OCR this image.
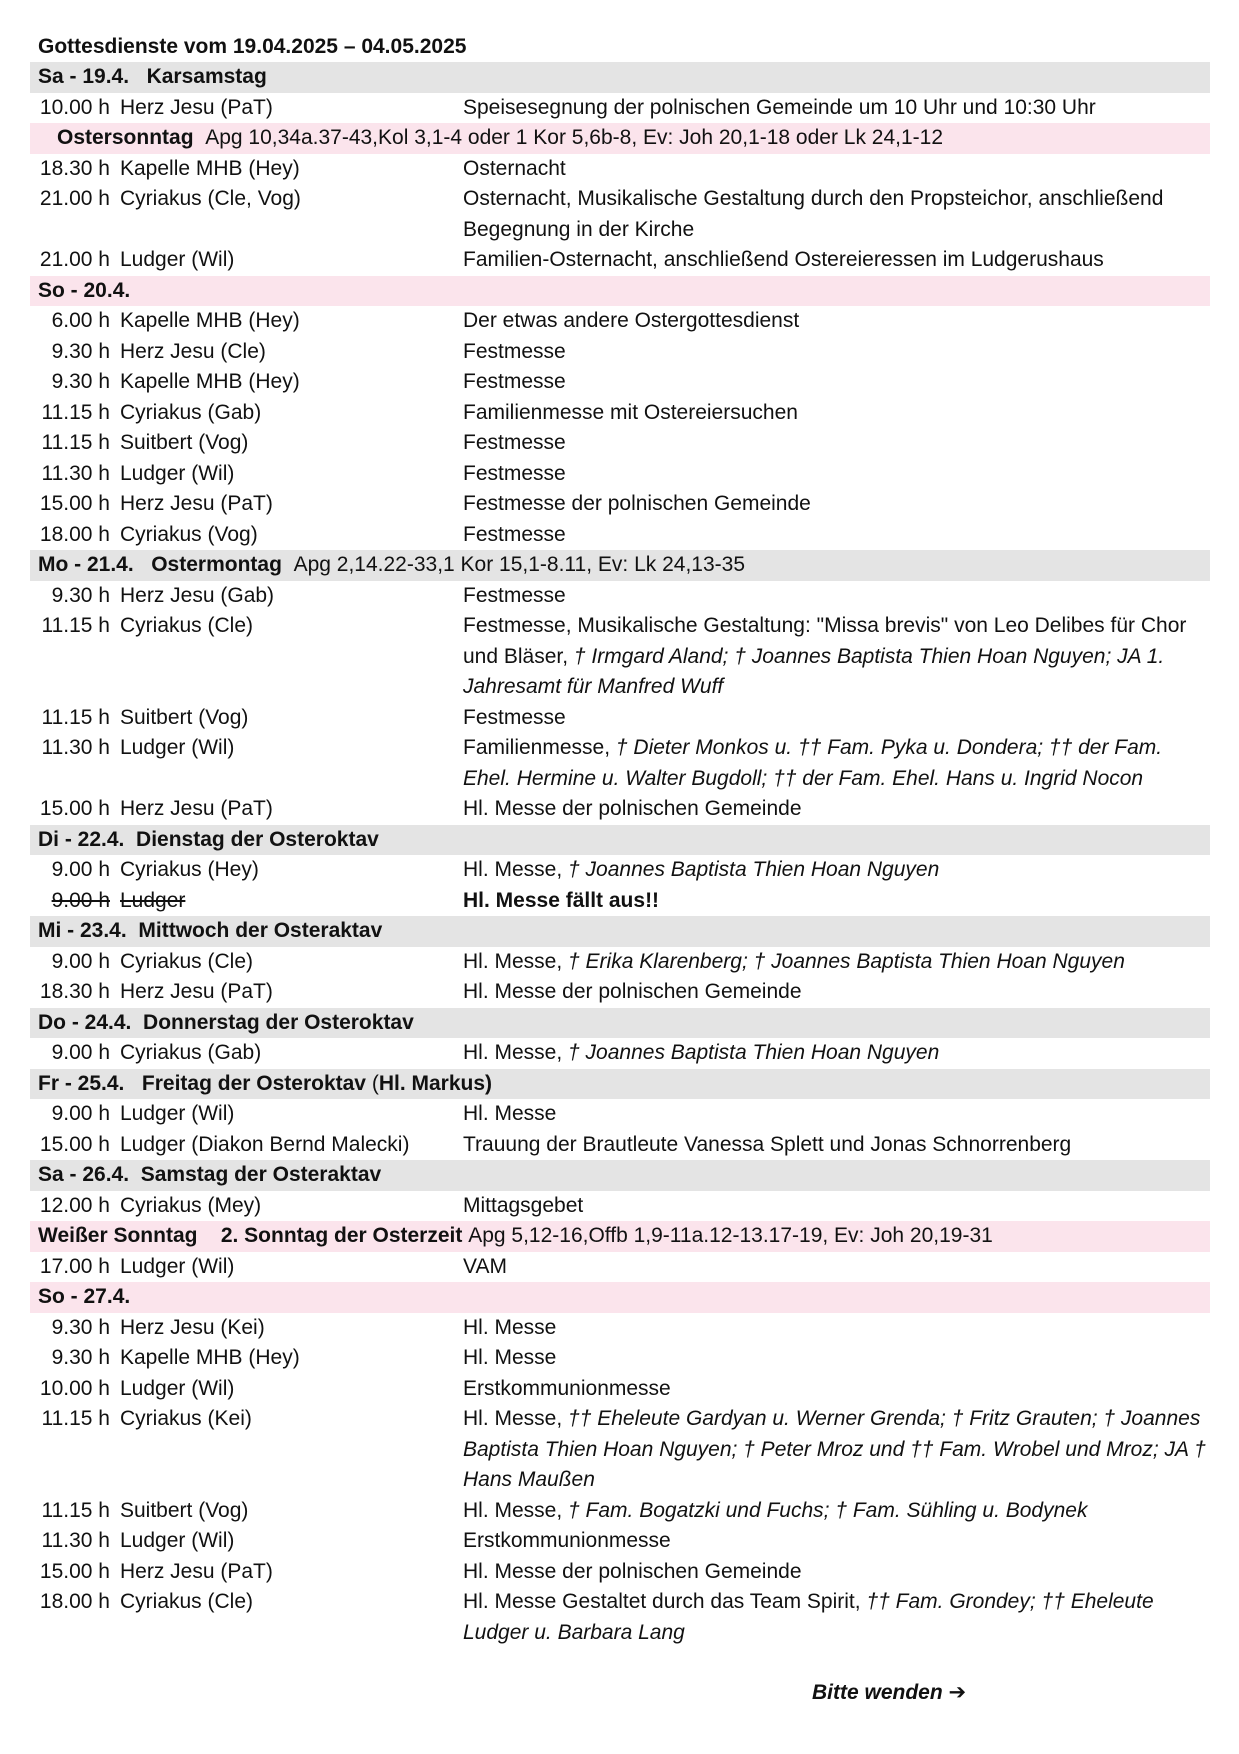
Gottesdienste vom 19.04.2025 – 04.05.2025
Sa - 19.4. Karsamstag
10.00 h Herz Jesu (PaT)	Speisesegnung der polnischen Gemeinde um 10 Uhr und 10:30 Uhr
Ostersonntag Apg 10,34a.37-43,Kol 3,1-4 oder 1 Kor 5,6b-8, Ev: Joh 20,1-18 oder Lk 24,1-12
18.30 h Kapelle MHB (Hey)	Osternacht
21.00 h Cyriakus (Cle, Vog)	Osternacht, Musikalische Gestaltung durch den Propsteichor, anschließend Begegnung in der Kirche
21.00 h Ludger (Wil)	Familien-Osternacht, anschließend Ostereieressen im Ludgerushaus
So - 20.4.
6.00 h Kapelle MHB (Hey)	Der etwas andere Ostergottesdienst
9.30 h Herz Jesu (Cle)	Festmesse
9.30 h Kapelle MHB (Hey)	Festmesse
11.15 h Cyriakus (Gab)	Familienmesse mit Ostereiersuchen
11.15 h Suitbert (Vog)	Festmesse
11.30 h Ludger (Wil)	Festmesse
15.00 h Herz Jesu (PaT)	Festmesse der polnischen Gemeinde
18.00 h Cyriakus (Vog)	Festmesse
Mo - 21.4. Ostermontag Apg 2,14.22-33,1 Kor 15,1-8.11, Ev: Lk 24,13-35
9.30 h Herz Jesu (Gab)	Festmesse
11.15 h Cyriakus (Cle)	Festmesse, Musikalische Gestaltung: "Missa brevis" von Leo Delibes für Chor und Bläser, † Irmgard Aland; † Joannes Baptista Thien Hoan Nguyen; JA 1. Jahresamt für Manfred Wuff
11.15 h Suitbert (Vog)	Festmesse
11.30 h Ludger (Wil)	Familienmesse, † Dieter Monkos u. †† Fam. Pyka u. Dondera; †† der Fam. Ehel. Hermine u. Walter Bugdoll; †† der Fam. Ehel. Hans u. Ingrid Nocon
15.00 h Herz Jesu (PaT)	Hl. Messe der polnischen Gemeinde
Di - 22.4. Dienstag der Osteroktav
9.00 h Cyriakus (Hey)	Hl. Messe, † Joannes Baptista Thien Hoan Nguyen
9.00 h Ludger	Hl. Messe fällt aus!!
Mi - 23.4. Mittwoch der Osteraktav
9.00 h Cyriakus (Cle)	Hl. Messe, † Erika Klarenberg; † Joannes Baptista Thien Hoan Nguyen
18.30 h Herz Jesu (PaT)	Hl. Messe der polnischen Gemeinde
Do - 24.4. Donnerstag der Osteroktav
9.00 h Cyriakus (Gab)	Hl. Messe, † Joannes Baptista Thien Hoan Nguyen
Fr - 25.4. Freitag der Osteroktav (Hl. Markus)
9.00 h Ludger (Wil)	Hl. Messe
15.00 h Ludger (Diakon Bernd Malecki)	Trauung der Brautleute Vanessa Splett und Jonas Schnorrenberg
Sa - 26.4. Samstag der Osteraktav
12.00 h Cyriakus (Mey)	Mittagsgebet
Weißer Sonntag 2. Sonntag der Osterzeit Apg 5,12-16,Offb 1,9-11a.12-13.17-19, Ev: Joh 20,19-31
17.00 h Ludger (Wil)	VAM
So - 27.4.
9.30 h Herz Jesu (Kei)	Hl. Messe
9.30 h Kapelle MHB (Hey)	Hl. Messe
10.00 h Ludger (Wil)	Erstkommunionmesse
11.15 h Cyriakus (Kei)	Hl. Messe, †† Eheleute Gardyan u. Werner Grenda; † Fritz Grauten; † Joannes Baptista Thien Hoan Nguyen; † Peter Mroz und †† Fam. Wrobel und Mroz; JA † Hans Maußen
11.15 h Suitbert (Vog)	Hl. Messe, † Fam. Bogatzki und Fuchs; † Fam. Sühling u. Bodynek
11.30 h Ludger (Wil)	Erstkommunionmesse
15.00 h Herz Jesu (PaT)	Hl. Messe der polnischen Gemeinde
18.00 h Cyriakus (Cle)	Hl. Messe Gestaltet durch das Team Spirit, †† Fam. Grondey; †† Eheleute Ludger u. Barbara Lang
Bitte wenden ➔
